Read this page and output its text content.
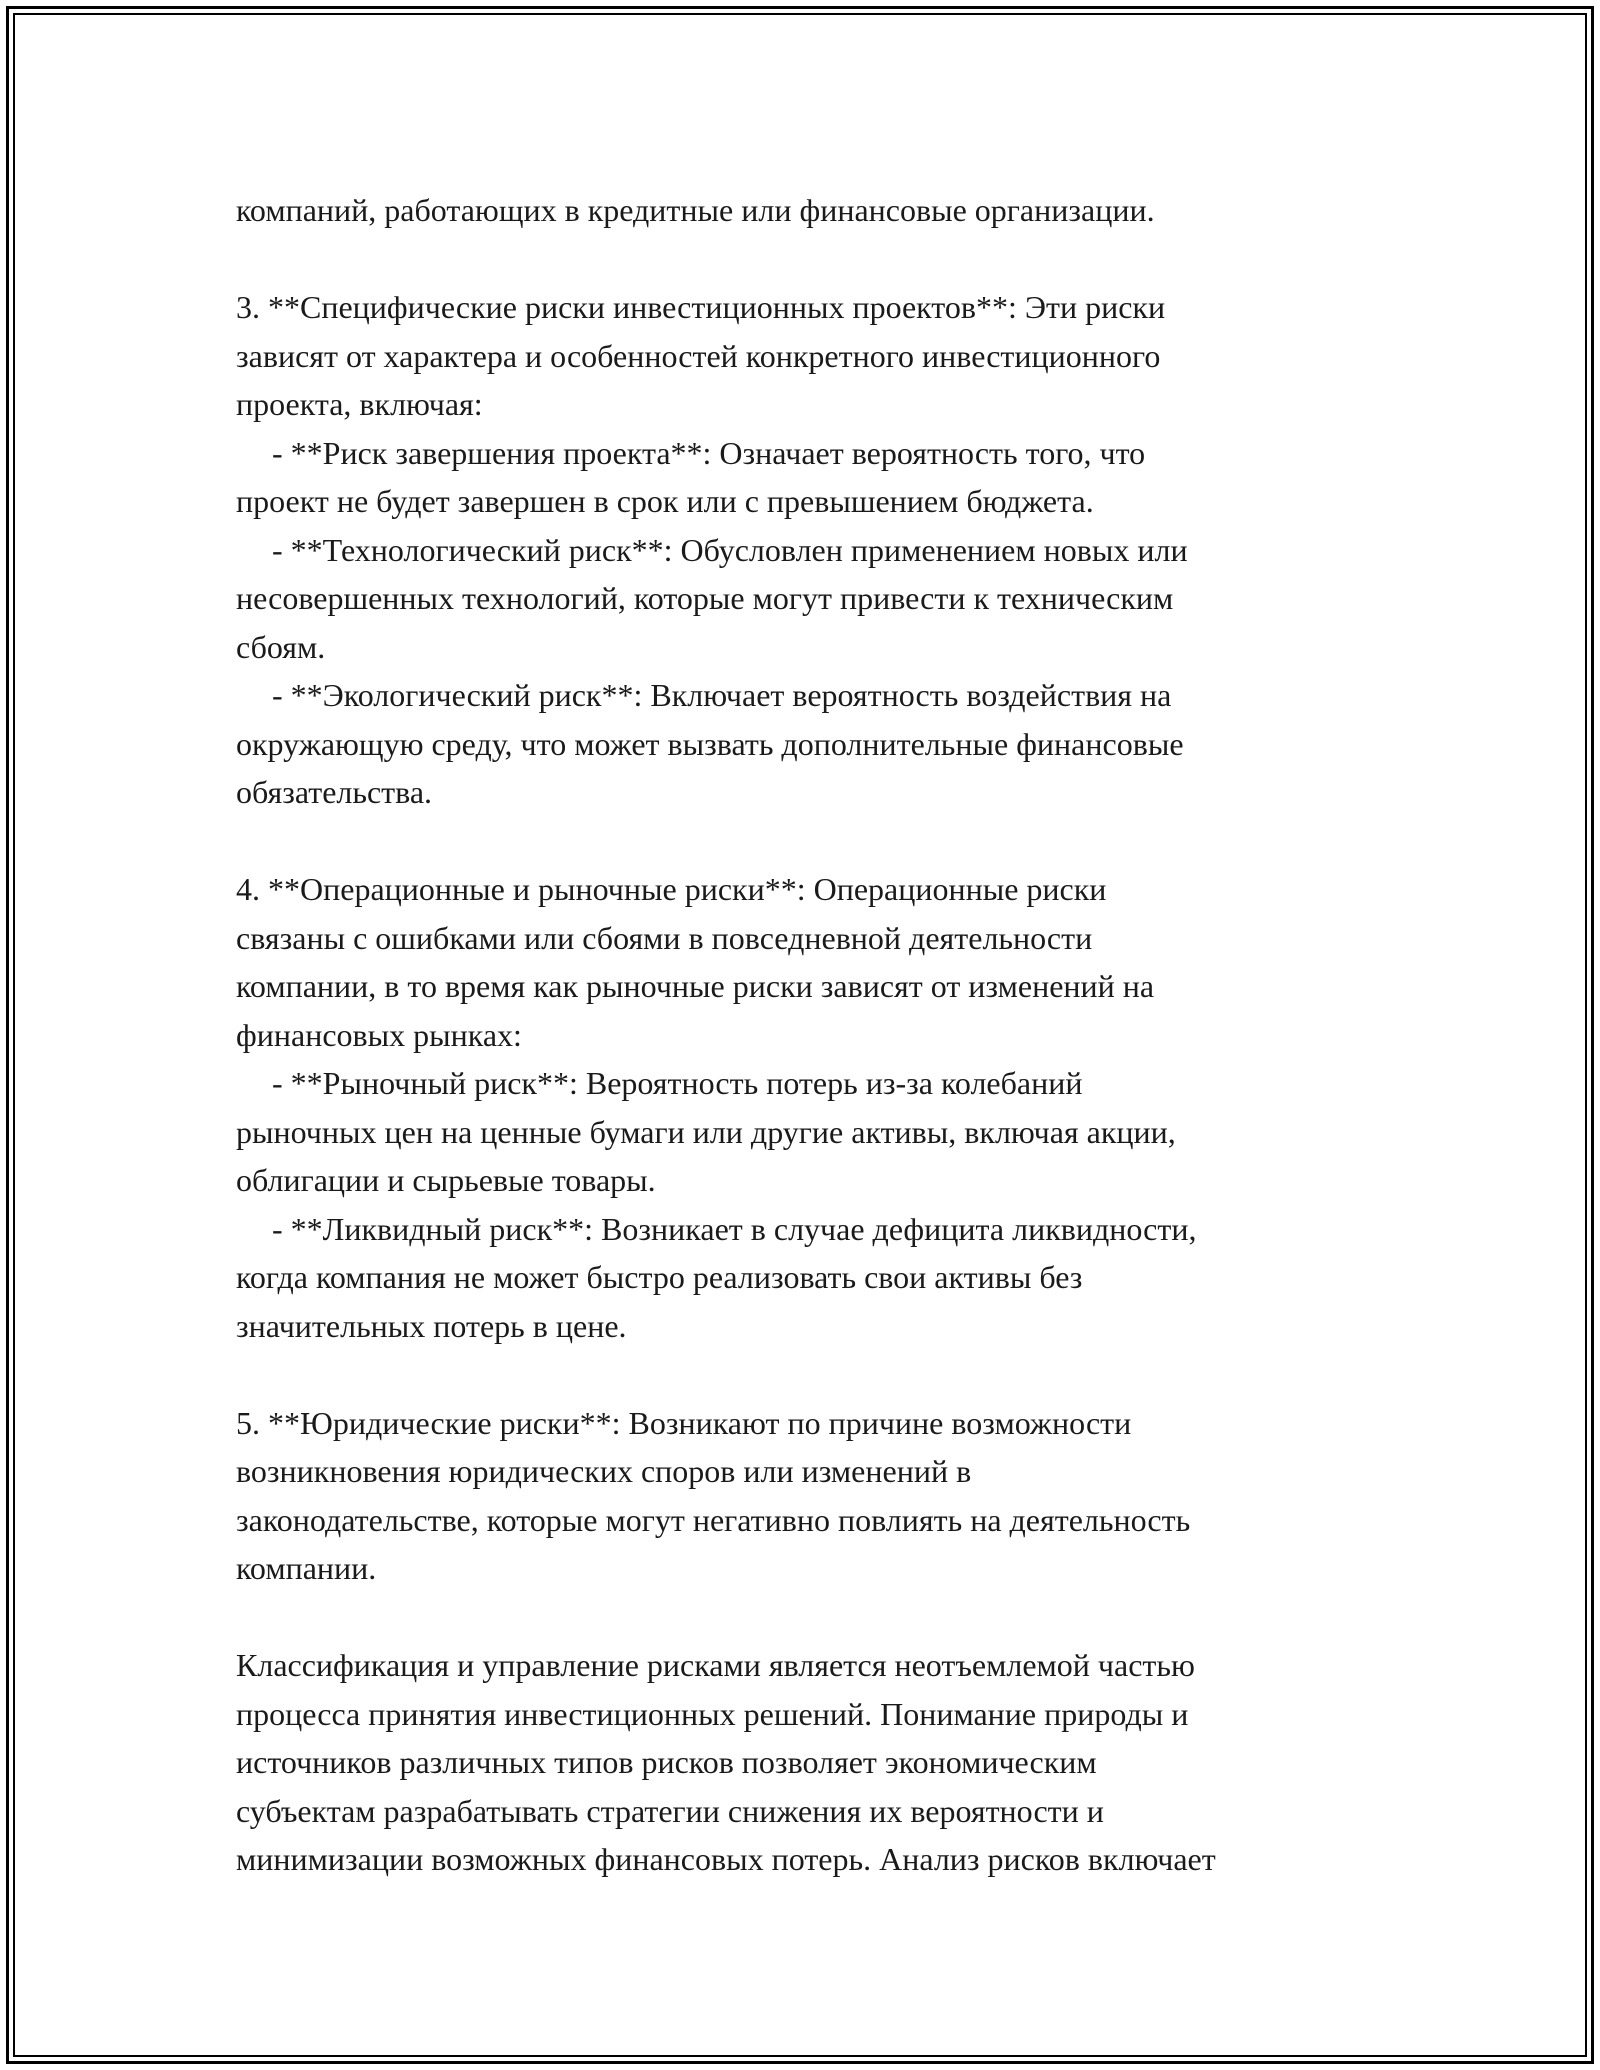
компаний, работающих в кредитные или финансовые организации.
3. **Специфические риски инвестиционных проектов**: Эти риски
зависят от характера и особенностей конкретного инвестиционного
проекта, включая:
- **Риск завершения проекта**: Означает вероятность того, что
проект не будет завершен в срок или с превышением бюджета.
- **Технологический риск**: Обусловлен применением новых или
несовершенных технологий, которые могут привести к техническим
сбоям.
- **Экологический риск**: Включает вероятность воздействия на
окружающую среду, что может вызвать дополнительные финансовые
обязательства.
4. **Операционные и рыночные риски**: Операционные риски
связаны с ошибками или сбоями в повседневной деятельности
компании, в то время как рыночные риски зависят от изменений на
финансовых рынках:
- **Рыночный риск**: Вероятность потерь из-за колебаний
рыночных цен на ценные бумаги или другие активы, включая акции,
облигации и сырьевые товары.
- **Ликвидный риск**: Возникает в случае дефицита ликвидности,
когда компания не может быстро реализовать свои активы без
значительных потерь в цене.
5. **Юридические риски**: Возникают по причине возможности
возникновения юридических споров или изменений в
законодательстве, которые могут негативно повлиять на деятельность
компании.
Классификация и управление рисками является неотъемлемой частью
процесса принятия инвестиционных решений. Понимание природы и
источников различных типов рисков позволяет экономическим
субъектам разрабатывать стратегии снижения их вероятности и
минимизации возможных финансовых потерь. Анализ рисков включает
